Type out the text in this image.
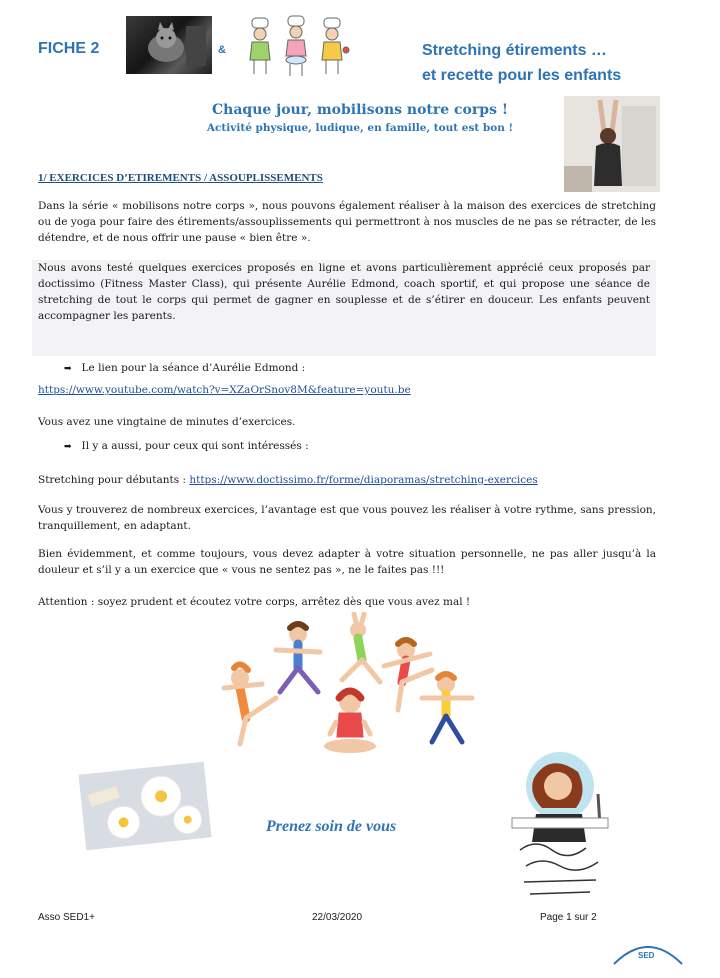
FICHE 2	&	Stretching étirements …
et recette pour les enfants
Chaque jour, mobilisons notre corps !
Activité physique, ludique, en famille, tout est bon !
1/ EXERCICES D’ETIREMENTS / ASSOUPLISSEMENTS
Dans la série « mobilisons notre corps », nous pouvons également réaliser à la maison des exercices de stretching ou de yoga pour faire des étirements/assouplissements qui permettront à nos muscles de ne pas se rétracter, de les détendre, et de nous offrir une pause « bien être ».
Nous avons testé quelques exercices proposés en ligne et avons particulièrement apprécié ceux proposés par doctissimo (Fitness Master Class), qui présente Aurélie Edmond, coach sportif, et qui propose une séance de stretching de tout le corps qui permet de gagner en souplesse et de s’étirer en douceur. Les enfants peuvent accompagner les parents.
➡ Le lien pour la séance d’Aurélie Edmond :
https://www.youtube.com/watch?v=XZaOrSnov8M&feature=youtu.be
Vous avez une vingtaine de minutes d’exercices.
➡ Il y a aussi, pour ceux qui sont intéressés :
Stretching pour débutants : https://www.doctissimo.fr/forme/diaporamas/stretching-exercices
Vous y trouverez de nombreux exercices, l’avantage est que vous pouvez les réaliser à votre rythme, sans pression, tranquillement, en adaptant.
Bien évidemment, et comme toujours, vous devez adapter à votre situation personnelle, ne pas aller jusqu’à la douleur et s’il y a un exercice que « vous ne sentez pas », ne le faites pas !!!
Attention : soyez prudent et écoutez votre corps, arrêtez dès que vous avez mal !
Prenez soin de vous
Asso SED1+	22/03/2020	Page 1 sur 2
SED
